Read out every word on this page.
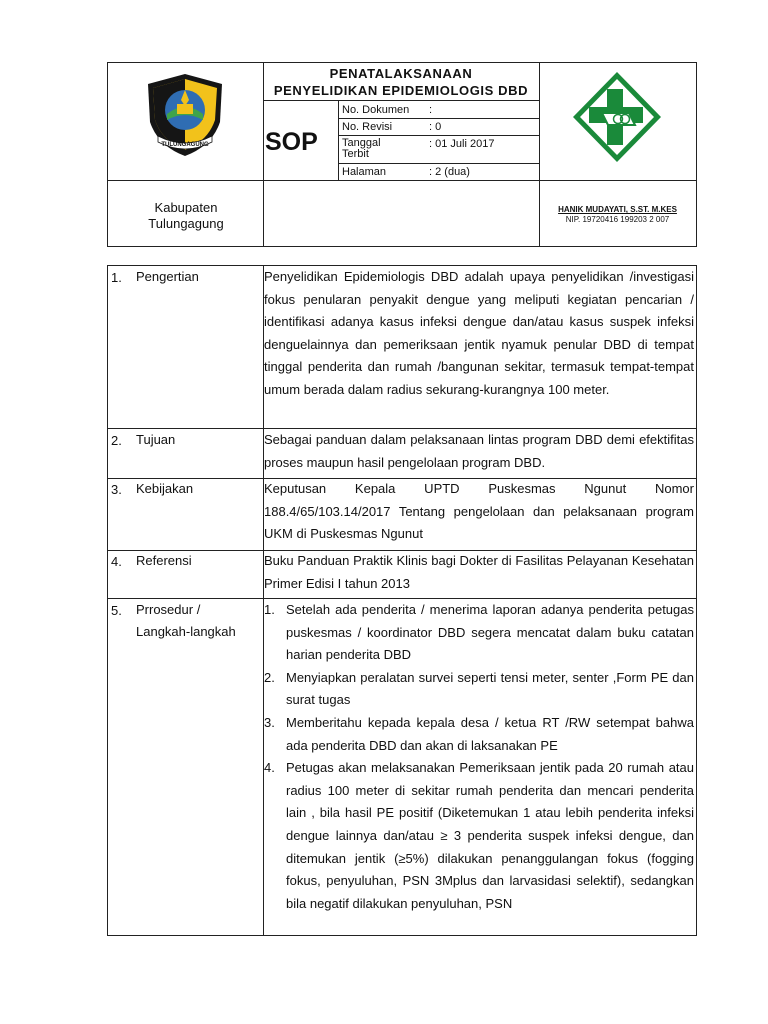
TULUNGAGUNG
PENATALAKSANAAN
PENYELIDIKAN EPIDEMIOLOGIS DBD
SOP
No. Dokumen :
No. Revisi	: 0
Tanggal
Terbit
: 01 Juli 2017
Halaman	: 2 (dua)
Kabupaten
Tulungagung
HANIK MUDAYATI, S.ST. M.KES
NIP. 19720416 199203 2 007
1. Pengertian	Penyelidikan Epidemiologis DBD adalah upaya penyelidikan /investigasi fokus penularan penyakit dengue yang meliputi kegiatan pencarian / identifikasi adanya kasus infeksi dengue dan/atau kasus suspek infeksi denguelainnya dan pemeriksaan jentik nyamuk penular DBD di tempat tinggal penderita dan rumah /bangunan sekitar, termasuk tempat-tempat umum berada dalam radius sekurang-kurangnya 100 meter.
2. Tujuan	Sebagai panduan dalam pelaksanaan lintas program DBD demi efektifitas proses maupun hasil pengelolaan program DBD.
3. Kebijakan	Keputusan Kepala UPTD Puskesmas Ngunut Nomor 188.4/65/103.14/2017 Tentang pengelolaan dan pelaksanaan program UKM di Puskesmas Ngunut
4. Referensi	Buku Panduan Praktik Klinis bagi Dokter di Fasilitas Pelayanan Kesehatan Primer Edisi I tahun 2013
5. Prrosedur /
Langkah-langkah
1. Setelah ada penderita / menerima laporan adanya penderita petugas puskesmas / koordinator DBD segera mencatat dalam buku catatan harian penderita DBD
2. Menyiapkan peralatan survei seperti tensi meter, senter ,Form PE dan surat tugas
3. Memberitahu kepada kepala desa / ketua RT /RW setempat bahwa ada penderita DBD dan akan di laksanakan PE
4. Petugas akan melaksanakan Pemeriksaan jentik pada 20 rumah atau radius 100 meter di sekitar rumah penderita dan mencari penderita lain , bila hasil PE positif (Diketemukan 1 atau lebih penderita infeksi dengue lainnya dan/atau ≥ 3 penderita suspek infeksi dengue, dan ditemukan jentik (≥5%) dilakukan penanggulangan fokus (fogging fokus, penyuluhan, PSN 3Mplus dan larvasidasi selektif), sedangkan bila negatif dilakukan penyuluhan, PSN
